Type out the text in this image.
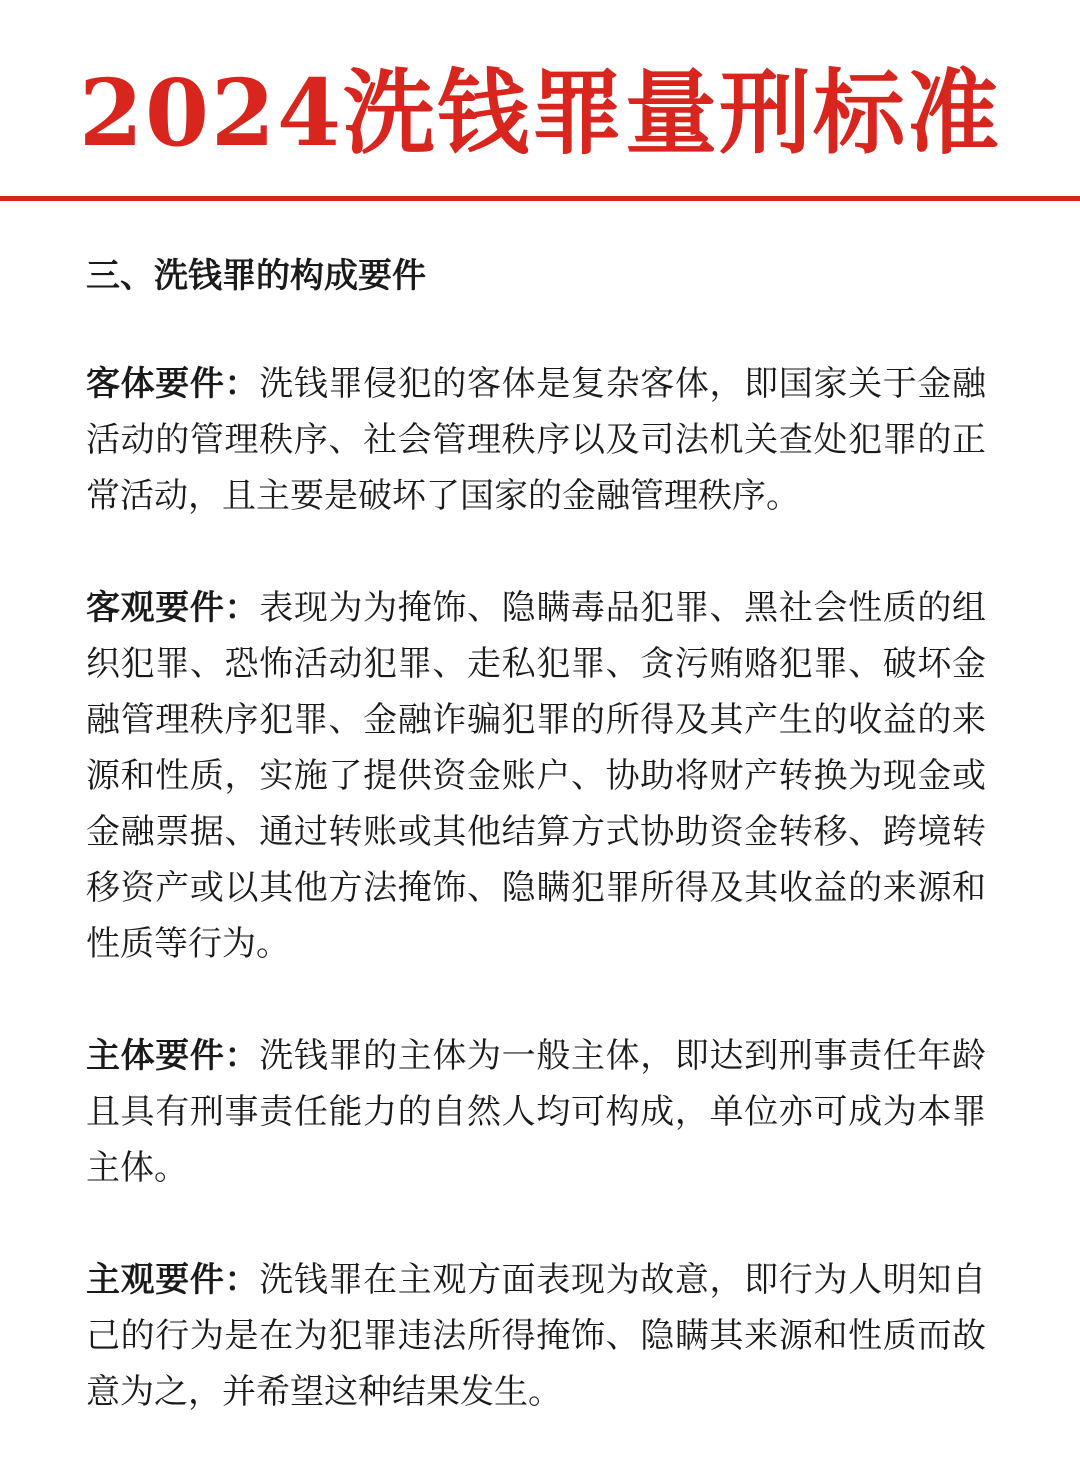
2024洗钱罪量刑标准
三、洗钱罪的构成要件

客体要件：洗钱罪侵犯的客体是复杂客体，即国家关于金融活动的管理秩序、社会管理秩序以及司法机关查处犯罪的正常活动，且主要是破坏了国家的金融管理秩序。

客观要件：表现为为掩饰、隐瞒毒品犯罪、黑社会性质的组织犯罪、恐怖活动犯罪、走私犯罪、贪污贿赂犯罪、破坏金融管理秩序犯罪、金融诈骗犯罪的所得及其产生的收益的来源和性质，实施了提供资金账户、协助将财产转换为现金或金融票据、通过转账或其他结算方式协助资金转移、跨境转移资产或以其他方法掩饰、隐瞒犯罪所得及其收益的来源和性质等行为。

主体要件：洗钱罪的主体为一般主体，即达到刑事责任年龄且具有刑事责任能力的自然人均可构成，单位亦可成为本罪主体。

主观要件：洗钱罪在主观方面表现为故意，即行为人明知自己的行为是在为犯罪违法所得掩饰、隐瞒其来源和性质而故意为之，并希望这种结果发生。
